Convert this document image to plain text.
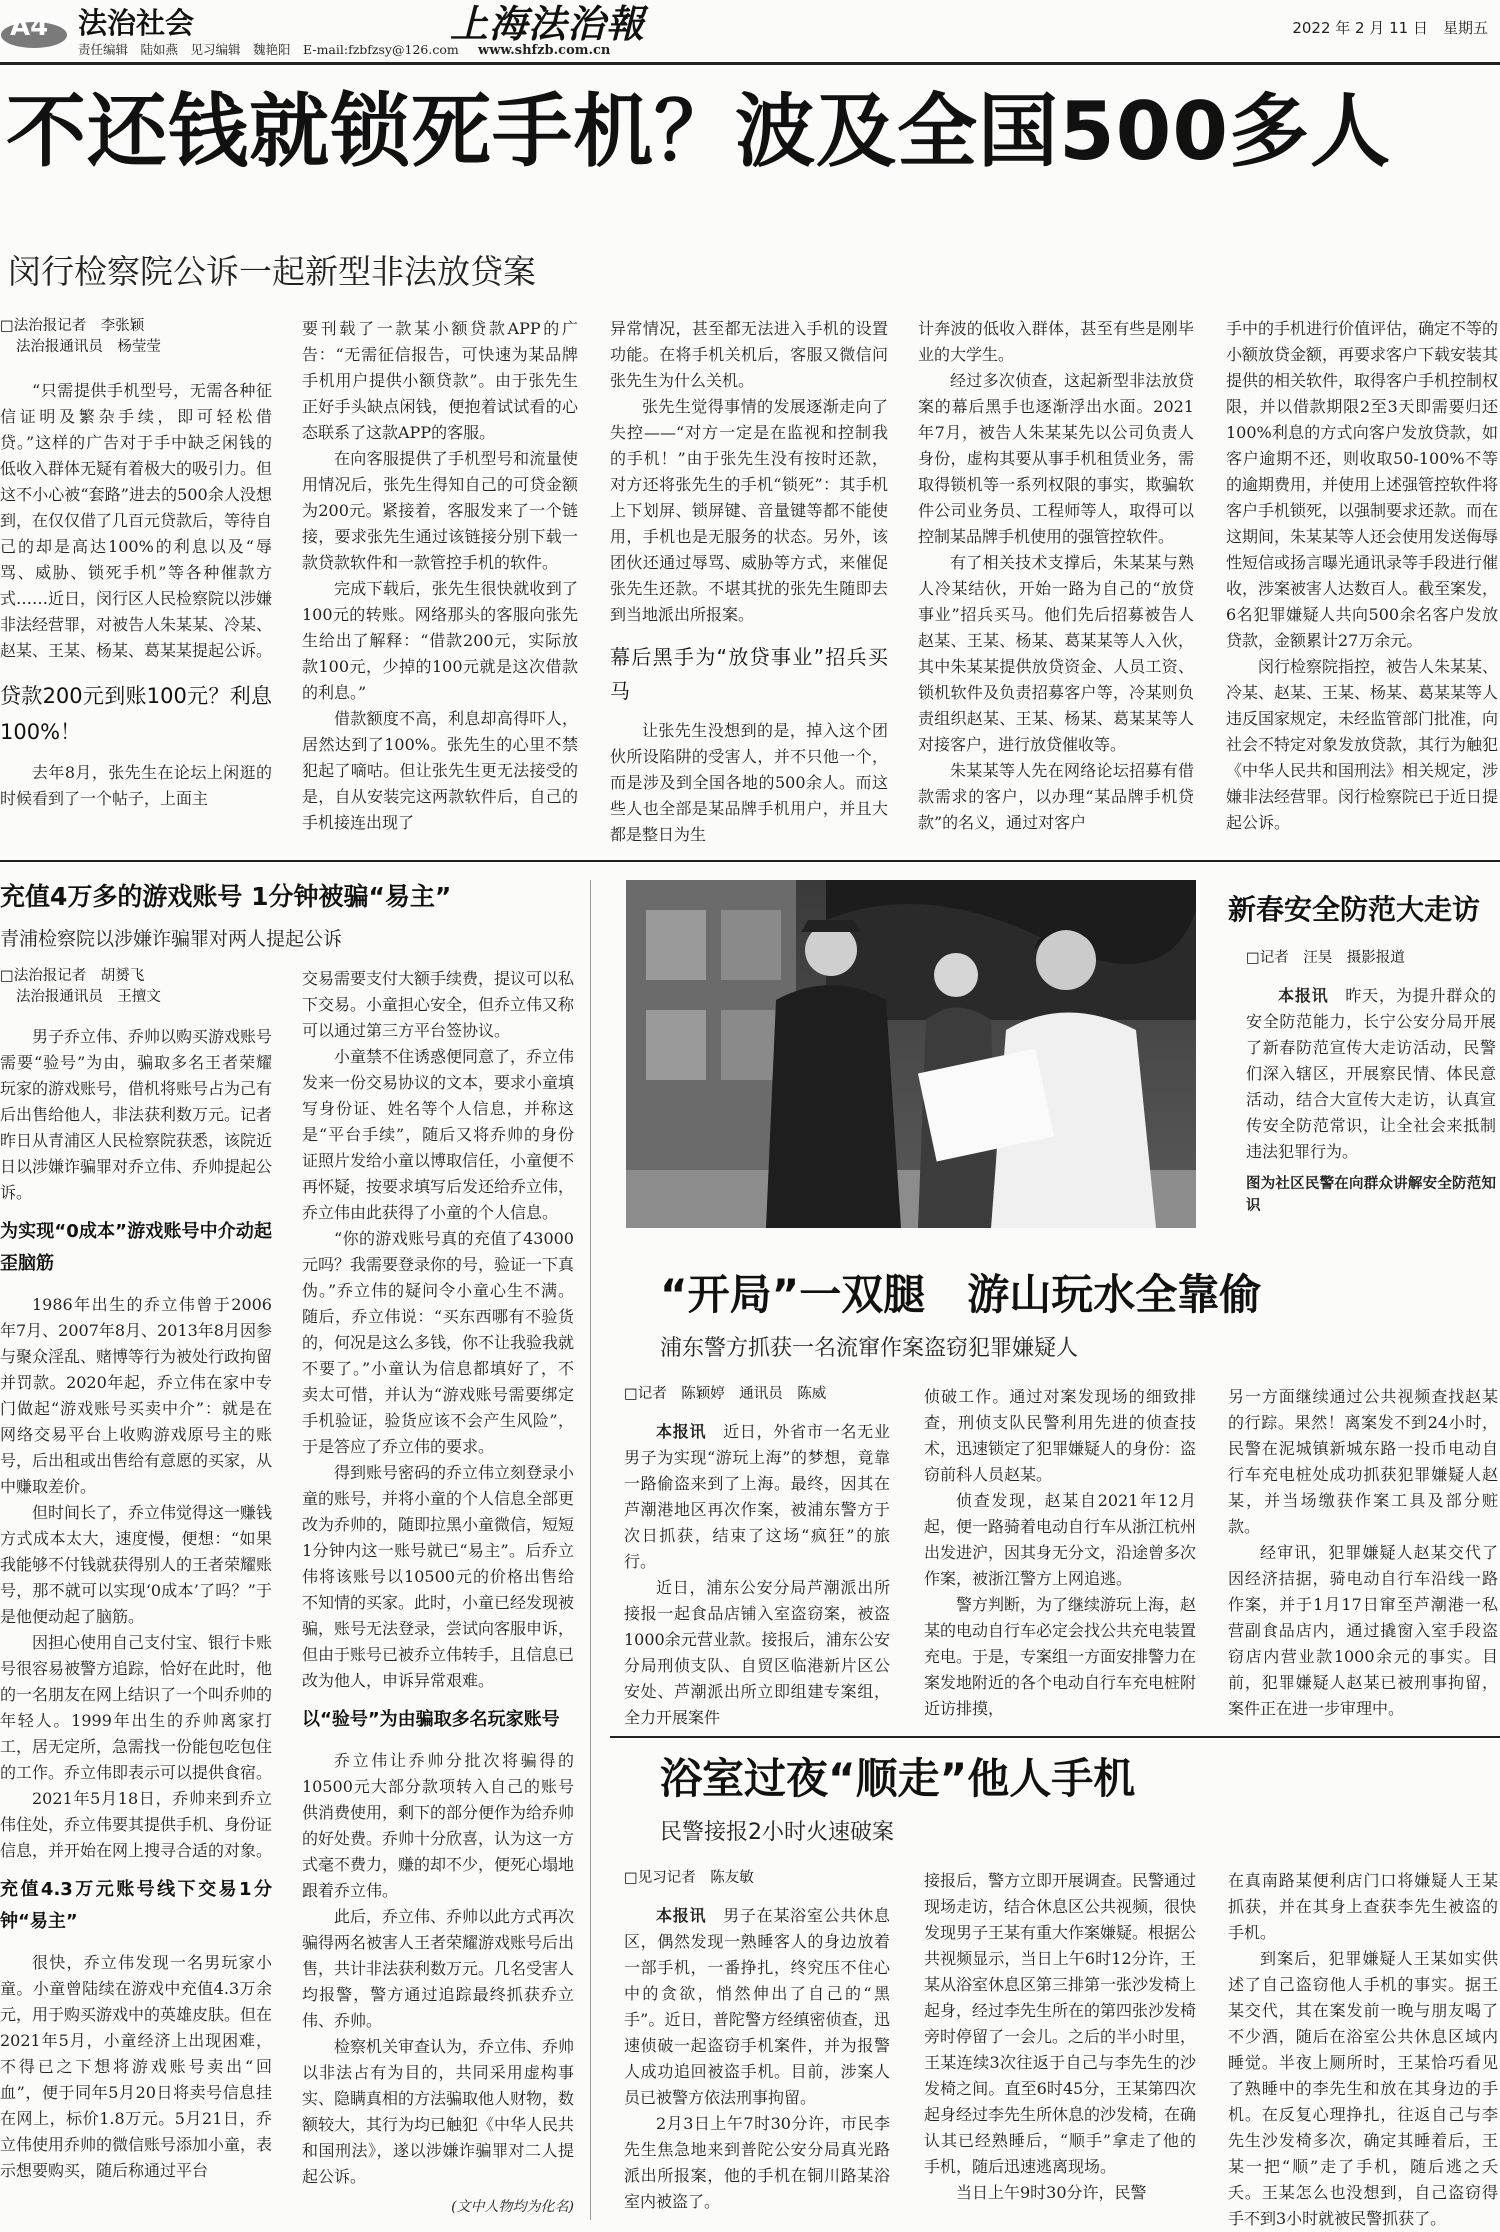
A4 法治社会
责任编辑　陆如燕　见习编辑　魏艳阳　E-mail:fzbfzsy@126.com
上海法治報
www.shfzb.com.cn
2022 年 2 月 11 日　星期五
不还钱就锁死手机？波及全国500多人
闵行检察院公诉一起新型非法放贷案
□法治报记者　李张颖
法治报通讯员　杨莹莹

“只需提供手机型号，无需各种征信证明及繁杂手续，即可轻松借贷。”这样的广告对于手中缺乏闲钱的低收入群体无疑有着极大的吸引力。但这不小心被“套路”进去的500余人没想到，在仅仅借了几百元贷款后，等待自己的却是高达100%的利息以及“辱骂、威胁、锁死手机”等各种催款方式……近日，闵行区人民检察院以涉嫌非法经营罪，对被告人朱某某、冷某、赵某、王某、杨某、葛某某提起公诉。

贷款200元到账100元？利息100%！

去年8月，张先生在论坛上闲逛的时候看到了一个帖子，上面主

要刊载了一款某小额贷款APP的广告：“无需征信报告，可快速为某品牌手机用户提供小额贷款”。由于张先生正好手头缺点闲钱，便抱着试试看的心态联系了这款APP的客服。

在向客服提供了手机型号和流量使用情况后，张先生得知自己的可贷金额为200元。紧接着，客服发来了一个链接，要求张先生通过该链接分别下载一款贷款软件和一款管控手机的软件。

完成下载后，张先生很快就收到了100元的转账。网络那头的客服向张先生给出了解释：“借款200元，实际放款100元，少掉的100元就是这次借款的利息。”

借款额度不高，利息却高得吓人，居然达到了100%。张先生的心里不禁犯起了嘀咕。但让张先生更无法接受的是，自从安装完这两款软件后，自己的手机接连出现了

异常情况，甚至都无法进入手机的设置功能。在将手机关机后，客服又微信问张先生为什么关机。

张先生觉得事情的发展逐渐走向了失控——“对方一定是在监视和控制我的手机！”由于张先生没有按时还款，对方还将张先生的手机“锁死”：其手机上下划屏、锁屏键、音量键等都不能使用，手机也是无服务的状态。另外，该团伙还通过辱骂、威胁等方式，来催促张先生还款。不堪其扰的张先生随即去到当地派出所报案。

幕后黑手为“放贷事业”招兵买马

让张先生没想到的是，掉入这个团伙所设陷阱的受害人，并不只他一个，而是涉及到全国各地的500余人。而这些人也全部是某品牌手机用户，并且大都是整日为生

计奔波的低收入群体，甚至有些是刚毕业的大学生。

经过多次侦查，这起新型非法放贷案的幕后黑手也逐渐浮出水面。2021年7月，被告人朱某某先以公司负责人身份，虚构其要从事手机租赁业务，需取得锁机等一系列权限的事实，欺骗软件公司业务员、工程师等人，取得可以控制某品牌手机使用的强管控软件。

有了相关技术支撑后，朱某某与熟人冷某结伙，开始一路为自己的“放贷事业”招兵买马。他们先后招募被告人赵某、王某、杨某、葛某某等人入伙，其中朱某某提供放贷资金、人员工资、锁机软件及负责招募客户等，冷某则负责组织赵某、王某、杨某、葛某某等人对接客户，进行放贷催收等。

朱某某等人先在网络论坛招募有借款需求的客户，以办理“某品牌手机贷款”的名义，通过对客户

手中的手机进行价值评估，确定不等的小额放贷金额，再要求客户下载安装其提供的相关软件，取得客户手机控制权限，并以借款期限2至3天即需要归还100%利息的方式向客户发放贷款，如客户逾期不还，则收取50-100%不等的逾期费用，并使用上述强管控软件将客户手机锁死，以强制要求还款。而在这期间，朱某某等人还会使用发送侮辱性短信或扬言曝光通讯录等手段进行催收，涉案被害人达数百人。截至案发，6名犯罪嫌疑人共向500余名客户发放贷款，金额累计27万余元。

闵行检察院指控，被告人朱某某、冷某、赵某、王某、杨某、葛某某等人违反国家规定，未经监管部门批准，向社会不特定对象发放贷款，其行为触犯《中华人民共和国刑法》相关规定，涉嫌非法经营罪。闵行检察院已于近日提起公诉。

充值4万多的游戏账号 1分钟被骗“易主”
青浦检察院以涉嫌诈骗罪对两人提起公诉
□法治报记者　胡赟飞
法治报通讯员　王擅文

男子乔立伟、乔帅以购买游戏账号需要“验号”为由，骗取多名王者荣耀玩家的游戏账号，借机将账号占为己有后出售给他人，非法获利数万元。记者昨日从青浦区人民检察院获悉，该院近日以涉嫌诈骗罪对乔立伟、乔帅提起公诉。

为实现“0成本”游戏账号中介动起歪脑筋

1986年出生的乔立伟曾于2006年7月、2007年8月、2013年8月因参与聚众淫乱、赌博等行为被处行政拘留并罚款。2020年起，乔立伟在家中专门做起“游戏账号买卖中介”：就是在网络交易平台上收购游戏原号主的账号，后出租或出售给有意愿的买家，从中赚取差价。

但时间长了，乔立伟觉得这一赚钱方式成本太大，速度慢，便想：“如果我能够不付钱就获得别人的王者荣耀账号，那不就可以实现‘0成本’了吗？”于是他便动起了脑筋。

因担心使用自己支付宝、银行卡账号很容易被警方追踪，恰好在此时，他的一名朋友在网上结识了一个叫乔帅的年轻人。1999年出生的乔帅离家打工，居无定所，急需找一份能包吃包住的工作。乔立伟即表示可以提供食宿。

2021年5月18日，乔帅来到乔立伟住处，乔立伟要其提供手机、身份证信息，并开始在网上搜寻合适的对象。

充值4.3万元账号线下交易1分钟“易主”

很快，乔立伟发现一名男玩家小童。小童曾陆续在游戏中充值4.3万余元，用于购买游戏中的英雄皮肤。但在2021年5月，小童经济上出现困难，不得已之下想将游戏账号卖出“回血”，便于同年5月20日将卖号信息挂在网上，标价1.8万元。5月21日，乔立伟使用乔帅的微信账号添加小童，表示想要购买，随后称通过平台

交易需要支付大额手续费，提议可以私下交易。小童担心安全，但乔立伟又称可以通过第三方平台签协议。

小童禁不住诱惑便同意了，乔立伟发来一份交易协议的文本，要求小童填写身份证、姓名等个人信息，并称这是“平台手续”，随后又将乔帅的身份证照片发给小童以博取信任，小童便不再怀疑，按要求填写后发还给乔立伟，乔立伟由此获得了小童的个人信息。

“你的游戏账号真的充值了43000元吗？我需要登录你的号，验证一下真伪。”乔立伟的疑问令小童心生不满。随后，乔立伟说：“买东西哪有不验货的，何况是这么多钱，你不让我验我就不要了。”小童认为信息都填好了，不卖太可惜，并认为“游戏账号需要绑定手机验证，验货应该不会产生风险”，于是答应了乔立伟的要求。

得到账号密码的乔立伟立刻登录小童的账号，并将小童的个人信息全部更改为乔帅的，随即拉黑小童微信，短短1分钟内这一账号就已“易主”。后乔立伟将该账号以10500元的价格出售给不知情的买家。此时，小童已经发现被骗，账号无法登录，尝试向客服申诉，但由于账号已被乔立伟转手，且信息已改为他人，申诉异常艰难。

以“验号”为由骗取多名玩家账号

乔立伟让乔帅分批次将骗得的10500元大部分款项转入自己的账号供消费使用，剩下的部分便作为给乔帅的好处费。乔帅十分欣喜，认为这一方式毫不费力，赚的却不少，便死心塌地跟着乔立伟。

此后，乔立伟、乔帅以此方式再次骗得两名被害人王者荣耀游戏账号后出售，共计非法获利数万元。几名受害人均报警，警方通过追踪最终抓获乔立伟、乔帅。

检察机关审查认为，乔立伟、乔帅以非法占有为目的，共同采用虚构事实、隐瞒真相的方法骗取他人财物，数额较大，其行为均已触犯《中华人民共和国刑法》，遂以涉嫌诈骗罪对二人提起公诉。

(文中人物均为化名)
新春安全防范大走访
□记者　汪昊　摄影报道

本报讯　 昨天，为提升群众的安全防范能力，长宁公安分局开展了新春防范宣传大走访活动，民警们深入辖区，开展察民情、体民意活动，结合大宣传大走访，认真宣传安全防范常识，让全社会来抵制违法犯罪行为。

图为社区民警在向群众讲解安全防范知识
“开局”一双腿　游山玩水全靠偷
浦东警方抓获一名流窜作案盗窃犯罪嫌疑人
□记者　陈颖婷　通讯员　陈威

本报讯　 近日，外省市一名无业男子为实现“游玩上海”的梦想，竟靠一路偷盗来到了上海。最终，因其在芦潮港地区再次作案，被浦东警方于次日抓获，结束了这场“疯狂”的旅行。

近日，浦东公安分局芦潮派出所接报一起食品店铺入室盗窃案，被盗1000余元营业款。接报后，浦东公安分局刑侦支队、自贸区临港新片区公安处、芦潮派出所立即组建专案组，全力开展案件

侦破工作。通过对案发现场的细致排查，刑侦支队民警利用先进的侦查技术，迅速锁定了犯罪嫌疑人的身份：盗窃前科人员赵某。

侦查发现，赵某自2021年12月起，便一路骑着电动自行车从浙江杭州出发进沪，因其身无分文，沿途曾多次作案，被浙江警方上网追逃。

警方判断，为了继续游玩上海，赵某的电动自行车必定会找公共充电装置充电。于是，专案组一方面安排警力在案发地附近的各个电动自行车充电桩附近访排摸，

另一方面继续通过公共视频查找赵某的行踪。果然！离案发不到24小时，民警在泥城镇新城东路一投币电动自行车充电桩处成功抓获犯罪嫌疑人赵某，并当场缴获作案工具及部分赃款。

经审讯，犯罪嫌疑人赵某交代了因经济拮据，骑电动自行车沿线一路作案，并于1月17日窜至芦潮港一私营副食品店内，通过撬窗入室手段盗窃店内营业款1000余元的事实。目前，犯罪嫌疑人赵某已被刑事拘留，案件正在进一步审理中。

浴室过夜“顺走”他人手机
民警接报2小时火速破案
□见习记者　陈友敏

本报讯　 男子在某浴室公共休息区，偶然发现一熟睡客人的身边放着一部手机，一番挣扎，终究压不住心中的贪欲，悄然伸出了自己的“黑手”。近日，普陀警方经缜密侦查，迅速侦破一起盗窃手机案件，并为报警人成功追回被盗手机。目前，涉案人员已被警方依法刑事拘留。

2月3日上午7时30分许，市民李先生焦急地来到普陀公安分局真光路派出所报案，他的手机在铜川路某浴室内被盗了。

接报后，警方立即开展调查。民警通过现场走访，结合休息区公共视频，很快发现男子王某有重大作案嫌疑。根据公共视频显示，当日上午6时12分许，王某从浴室休息区第三排第一张沙发椅上起身，经过李先生所在的第四张沙发椅旁时停留了一会儿。之后的半小时里，王某连续3次往返于自己与李先生的沙发椅之间。直至6时45分，王某第四次起身经过李先生所休息的沙发椅，在确认其已经熟睡后，“顺手”拿走了他的手机，随后迅速逃离现场。

当日上午9时30分许，民警

在真南路某便利店门口将嫌疑人王某抓获，并在其身上查获李先生被盗的手机。

到案后，犯罪嫌疑人王某如实供述了自己盗窃他人手机的事实。据王某交代，其在案发前一晚与朋友喝了不少酒，随后在浴室公共休息区域内睡觉。半夜上厕所时，王某恰巧看见了熟睡中的李先生和放在其身边的手机。在反复心理挣扎，往返自己与李先生沙发椅多次，确定其睡着后，王某一把“顺”走了手机，随后逃之夭夭。王某怎么也没想到，自己盗窃得手不到3小时就被民警抓获了。
